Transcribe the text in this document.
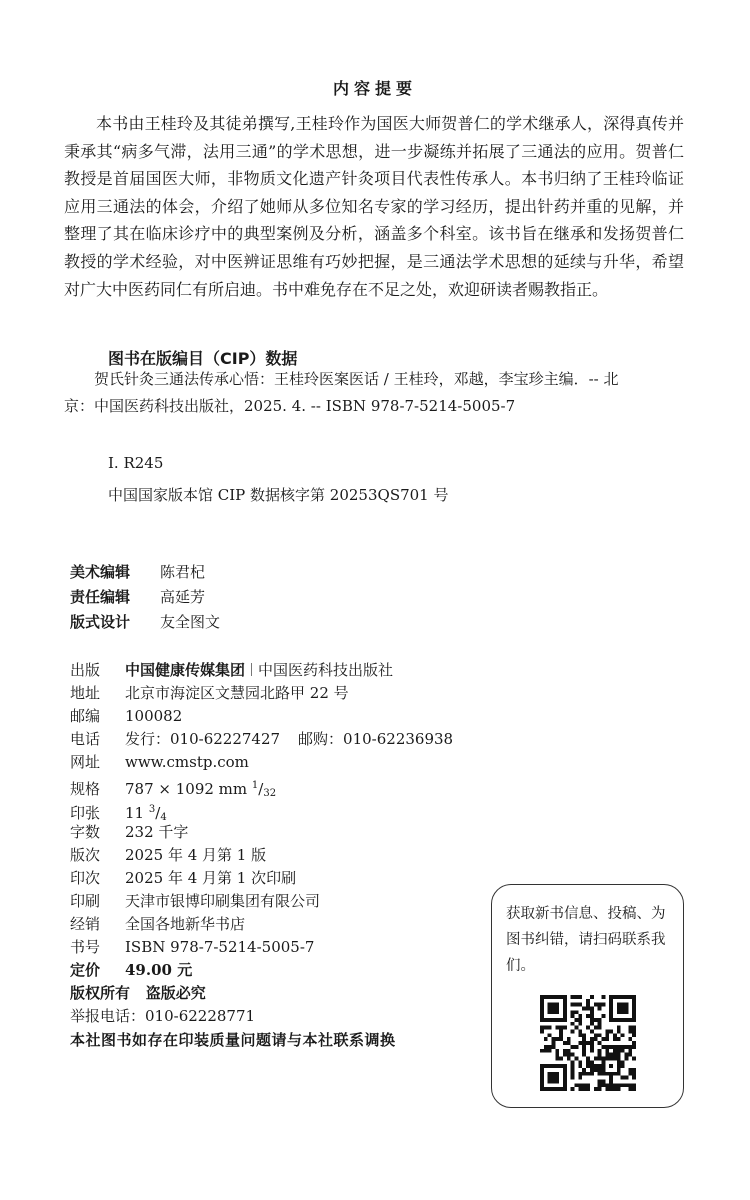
内容提要

本书由王桂玲及其徒弟撰写,王桂玲作为国医大师贺普仁的学术继承人，深得真传并秉承其“病多气滞，法用三通”的学术思想，进一步凝练并拓展了三通法的应用。贺普仁教授是首届国医大师，非物质文化遗产针灸项目代表性传承人。本书归纳了王桂玲临证应用三通法的体会，介绍了她师从多位知名专家的学习经历，提出针药并重的见解，并整理了其在临床诊疗中的典型案例及分析，涵盖多个科室。该书旨在继承和发扬贺普仁教授的学术经验，对中医辨证思维有巧妙把握，是三通法学术思想的延续与升华，希望对广大中医药同仁有所启迪。书中难免存在不足之处，欢迎研读者赐教指正。

图书在版编目（CIP）数据

贺氏针灸三通法传承心悟：王桂玲医案医话 / 王桂玲，邓越，李宝珍主编．-- 北京：中国医药科技出版社，2025. 4. -- ISBN 978-7-5214-5005-7

Ⅰ. R245
中国国家版本馆 CIP 数据核字第 20253QS701 号
美术编辑 陈君杞
责任编辑 高延芳
版式设计 友全图文
出版 中国健康传媒集团 中国医药科技出版社
地址 北京市海淀区文慧园北路甲 22 号
邮编 100082
电话 发行：010-62227427 邮购：010-62236938
网址 www.cmstp.com
规格 787 × 1092 mm $^1/_{32}$
印张 11 $^3/_4$
字数 232 千字
版次 2025 年 4 月第 1 版
印次 2025 年 4 月第 1 次印刷
印刷 天津市银博印刷集团有限公司
经销 全国各地新华书店
书号 ISBN 978-7-5214-5005-7
定价 49.00 元
版权所有 盗版必究
举报电话：010-62228771
本社图书如存在印装质量问题请与本社联系调换
获取新书信息、投稿、为图书纠错，请扫码联系我们。
